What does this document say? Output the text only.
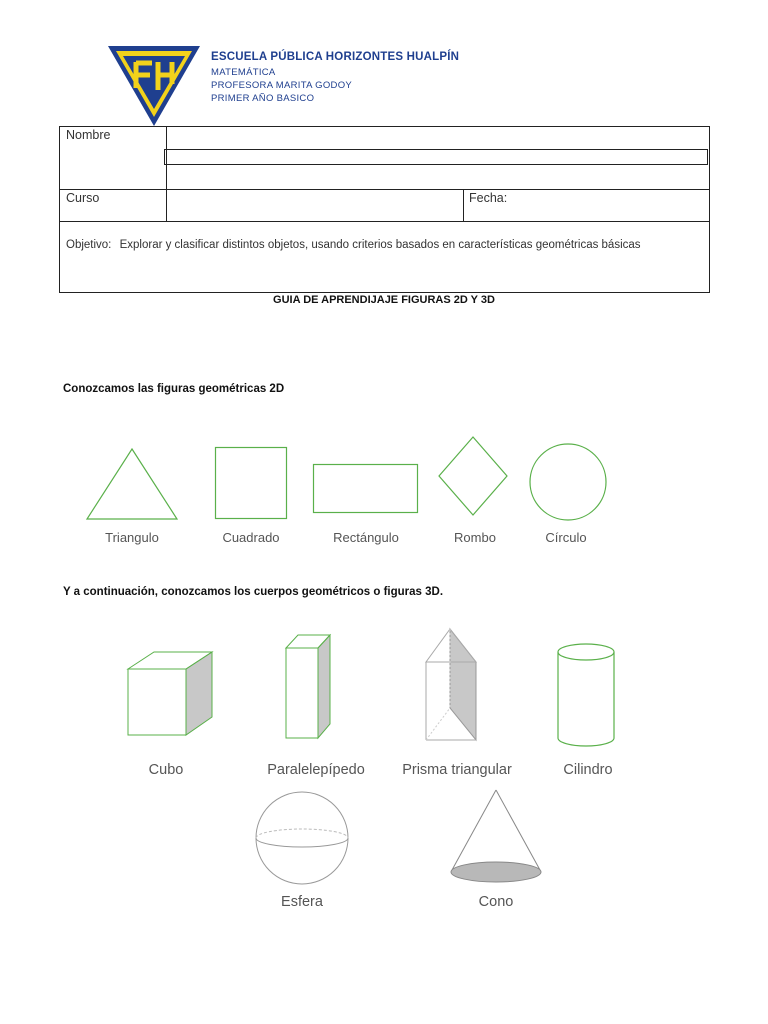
ESCUELA PÚBLICA HORIZONTES HUALPÍN
MATEMÁTICA
PROFESORA MARITA GODOY
PRIMER AÑO BASICO
Nombre
Curso	Fecha:
Objetivo: Explorar y clasificar distintos objetos, usando criterios basados en características geométricas básicas
GUIA DE APRENDIJAJE FIGURAS 2D Y 3D
Conozcamos las figuras geométricas 2D
Triangulo	Cuadrado	Rectángulo	Rombo	Círculo
Y a continuación, conozcamos los cuerpos geométricos o figuras 3D.
Cubo	Paralelepípedo	Prisma triangular	Cilindro
Esfera	Cono
